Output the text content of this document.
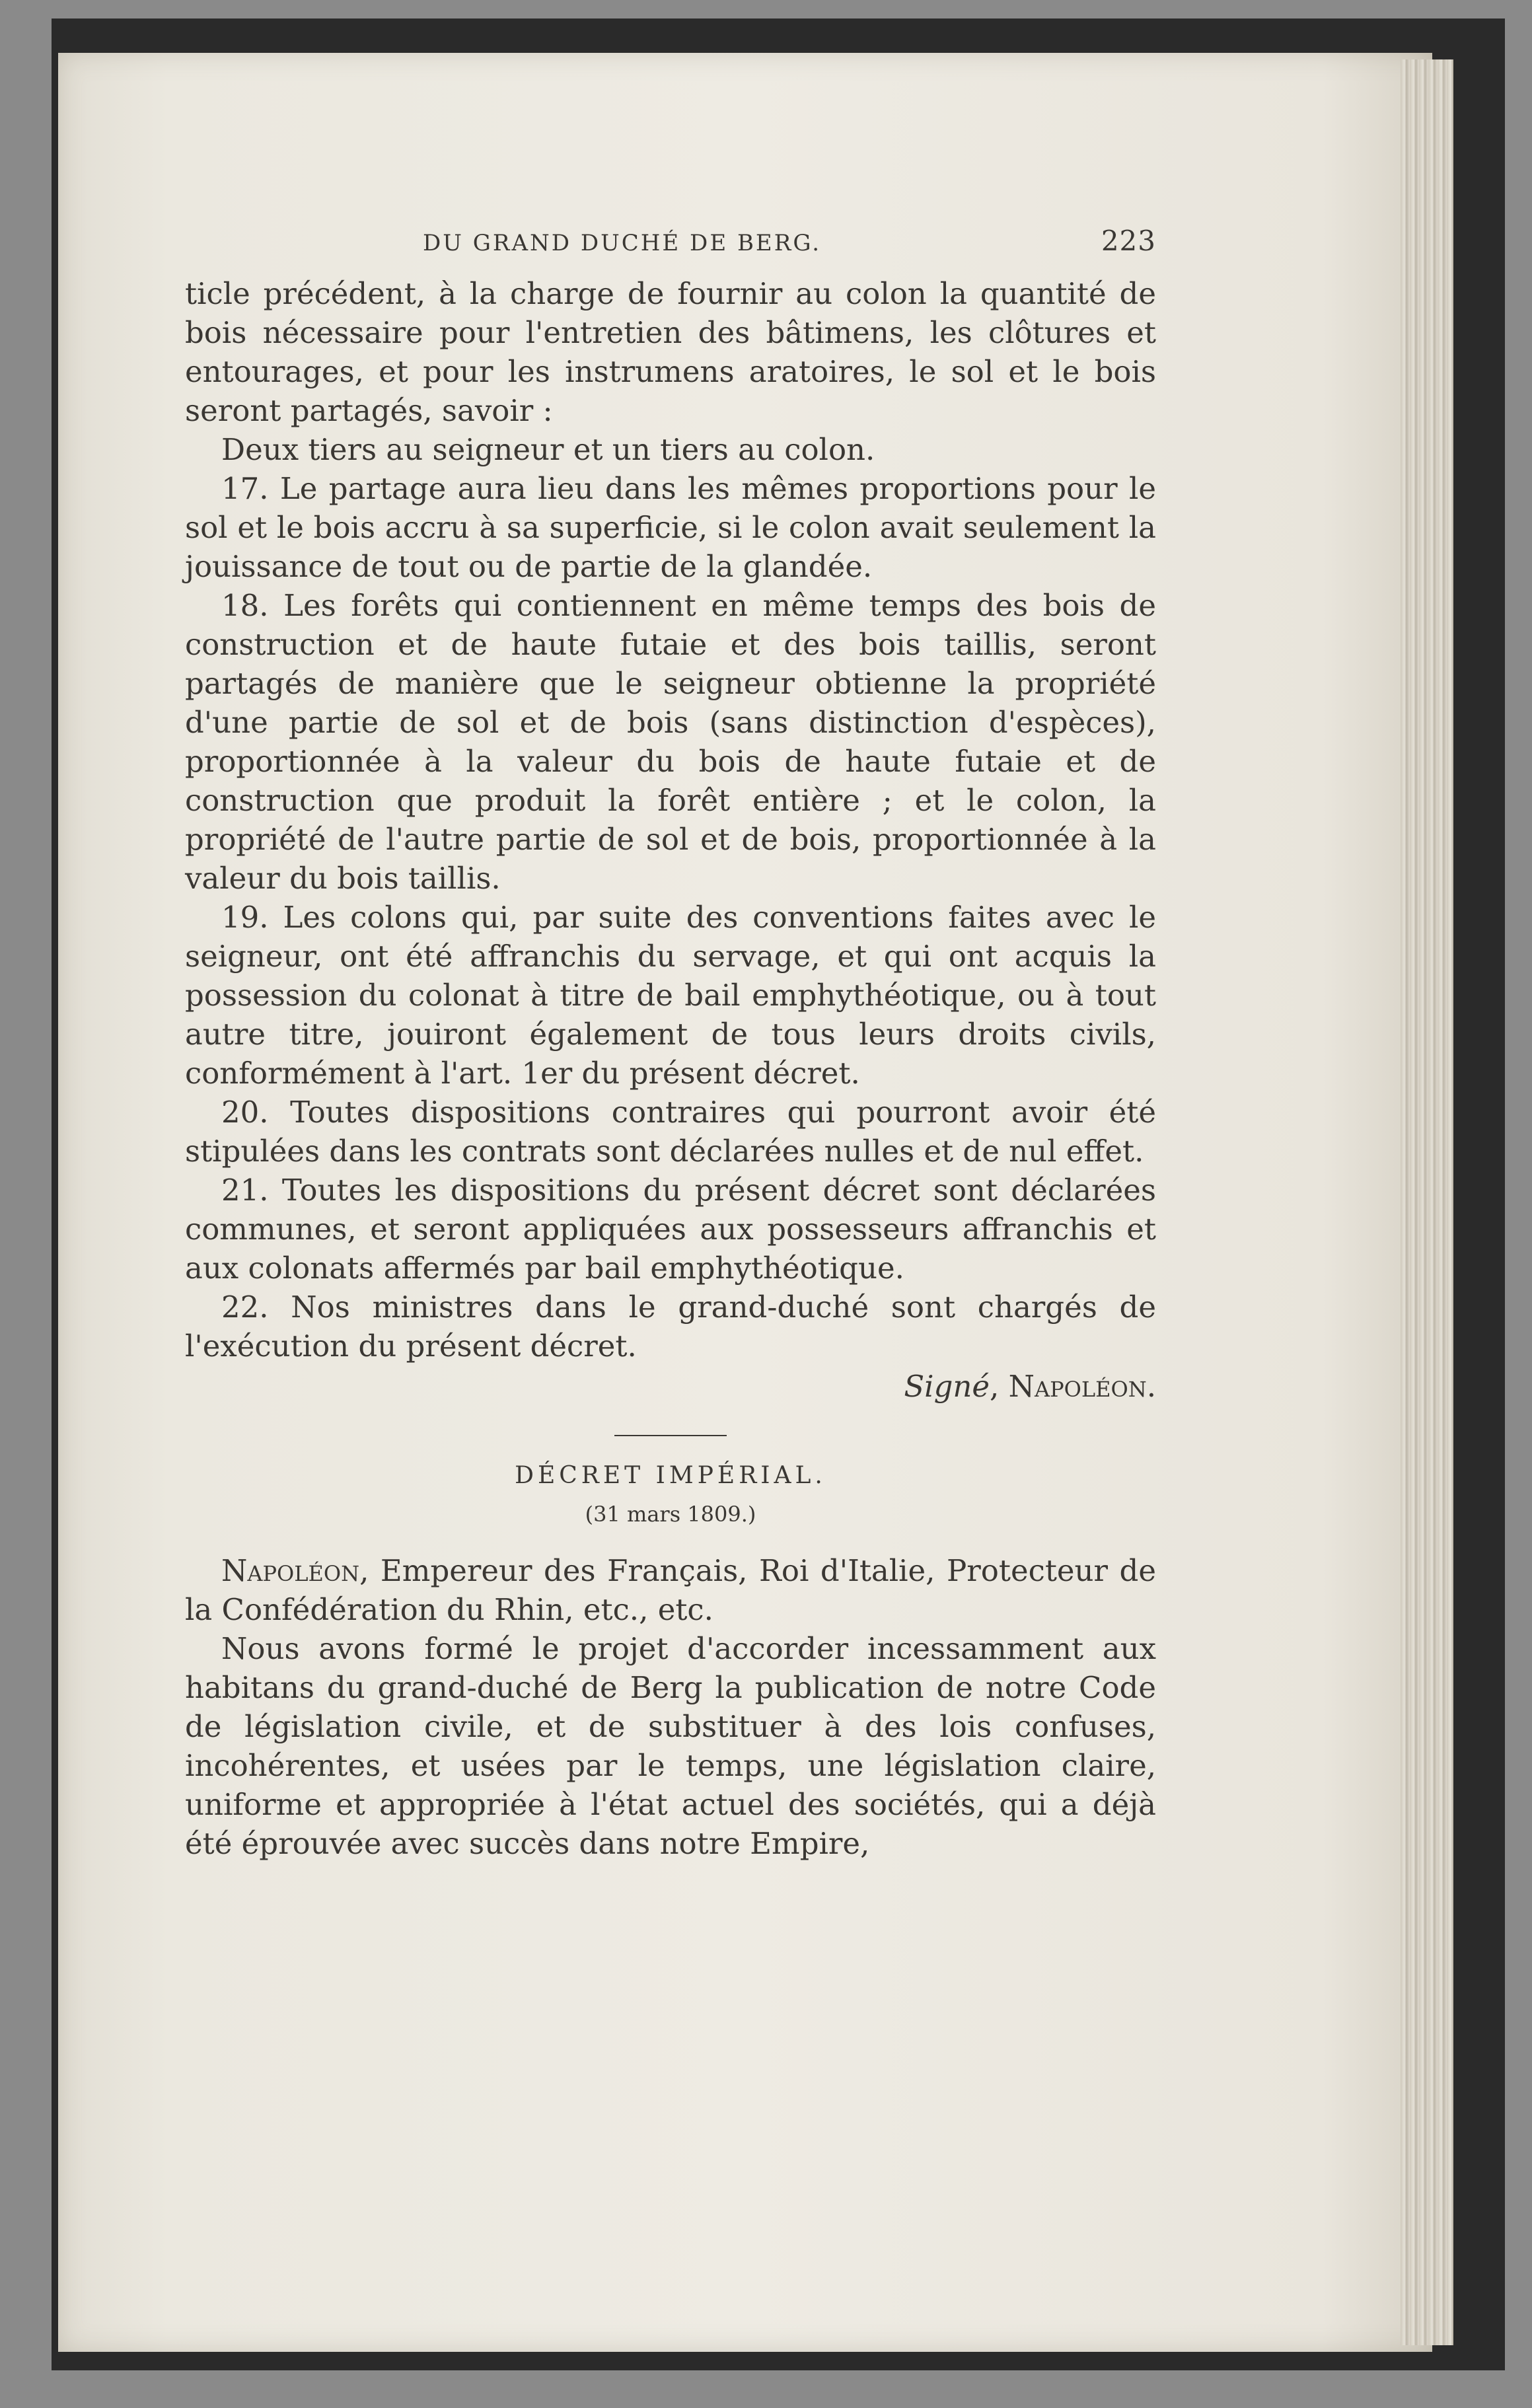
DU GRAND DUCHÉ DE BERG.	223

ticle précédent, à la charge de fournir au colon la quantité de bois nécessaire pour l'entretien des bâtimens, les clôtures et entourages, et pour les instrumens aratoires, le sol et le bois seront partagés, savoir :

Deux tiers au seigneur et un tiers au colon.

17. Le partage aura lieu dans les mêmes proportions pour le sol et le bois accru à sa superficie, si le colon avait seulement la jouissance de tout ou de partie de la glandée.

18. Les forêts qui contiennent en même temps des bois de construction et de haute futaie et des bois taillis, seront partagés de manière que le seigneur obtienne la propriété d'une partie de sol et de bois (sans distinction d'espèces), proportionnée à la valeur du bois de haute futaie et de construction que produit la forêt entière ; et le colon, la propriété de l'autre partie de sol et de bois, proportionnée à la valeur du bois taillis.

19. Les colons qui, par suite des conventions faites avec le seigneur, ont été affranchis du servage, et qui ont acquis la possession du colonat à titre de bail emphythéotique, ou à tout autre titre, jouiront également de tous leurs droits civils, conformément à l'art. 1er du présent décret.

20. Toutes dispositions contraires qui pourront avoir été stipulées dans les contrats sont déclarées nulles et de nul effet.

21. Toutes les dispositions du présent décret sont déclarées communes, et seront appliquées aux possesseurs affranchis et aux colonats affermés par bail emphythéotique.

22. Nos ministres dans le grand-duché sont chargés de l'exécution du présent décret.

Signé, Napoléon.
DÉCRET IMPÉRIAL.
(31 mars 1809.)

Napoléon, Empereur des Français, Roi d'Italie, Protecteur de la Confédération du Rhin, etc., etc.

Nous avons formé le projet d'accorder incessamment aux habitans du grand-duché de Berg la publication de notre Code de législation civile, et de substituer à des lois confuses, incohérentes, et usées par le temps, une législation claire, uniforme et appropriée à l'état actuel des sociétés, qui a déjà été éprouvée avec succès dans notre Empire,
